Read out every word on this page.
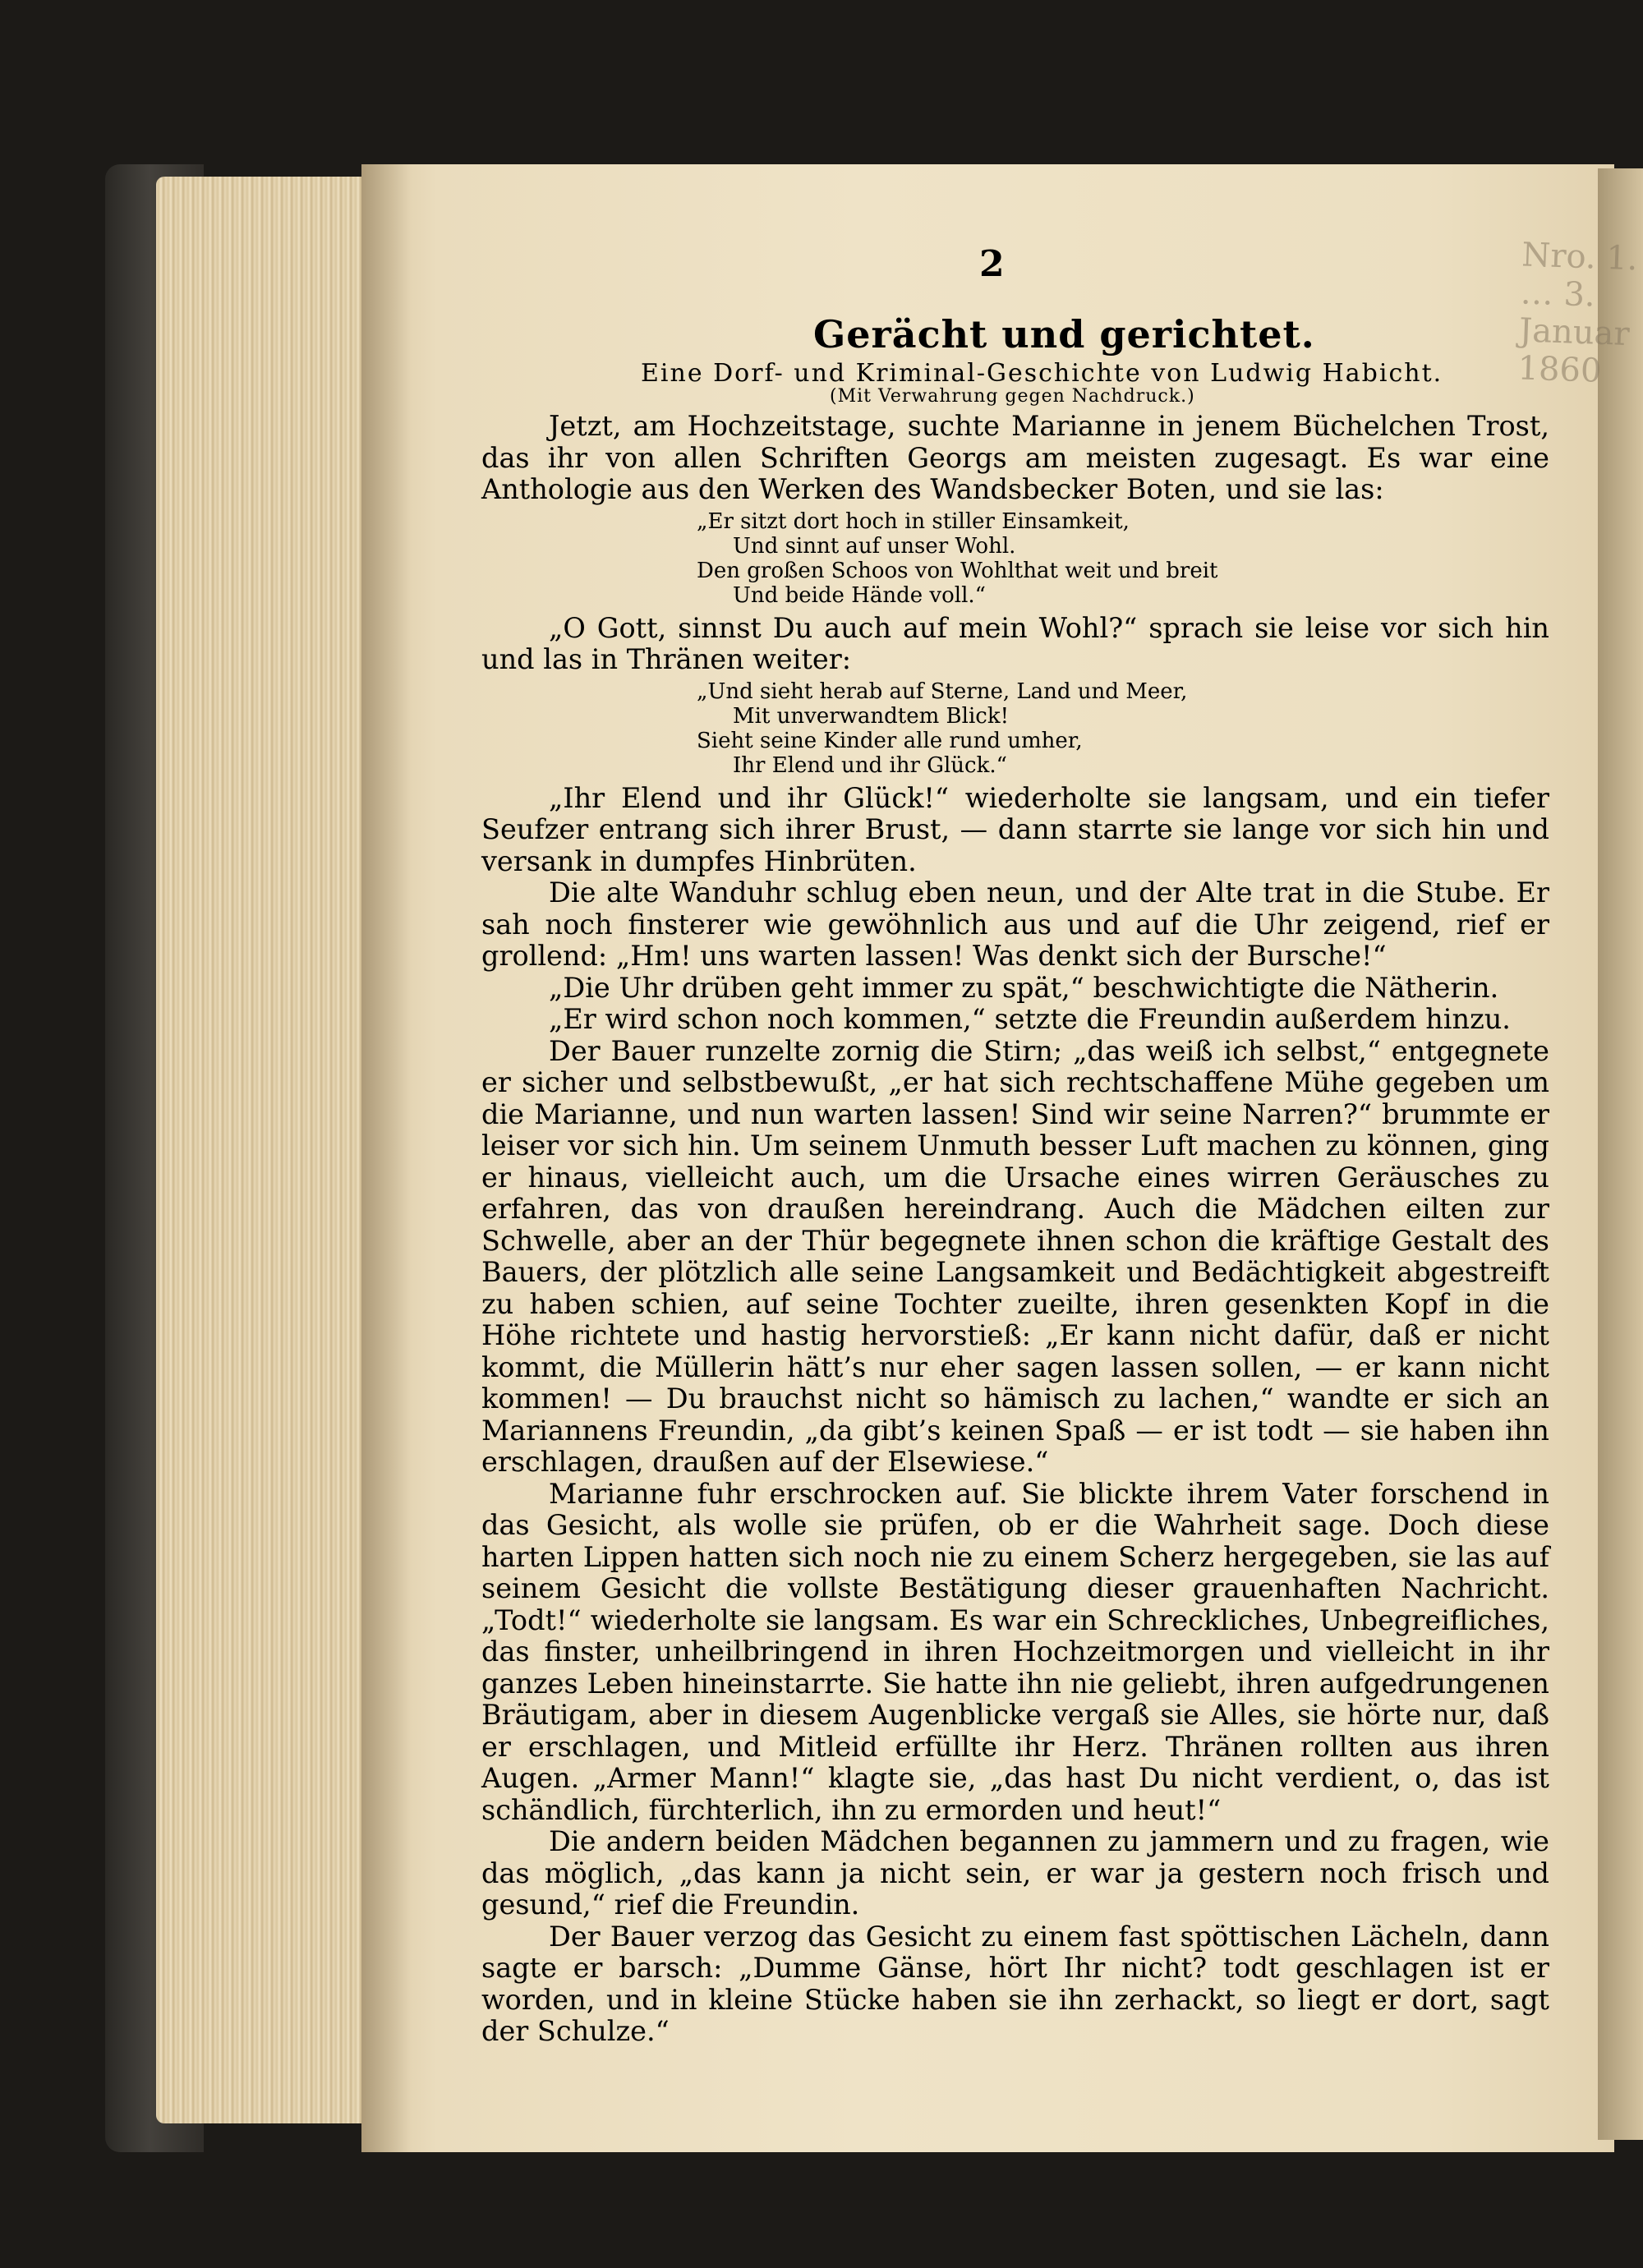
Nro. 1. … 3. Januar 1860
2
Gerächt und gerichtet.
Eine Dorf- und Kriminal-Geschichte von Ludwig Habicht.
(Mit Verwahrung gegen Nachdruck.)

Jetzt, am Hochzeitstage, suchte Marianne in jenem Büchelchen Trost, das ihr von allen Schriften Georgs am meisten zugesagt. Es war eine Anthologie aus den Werken des Wandsbecker Boten, und sie las:

„Er sitzt dort hoch in stiller Einsamkeit,
Und sinnt auf unser Wohl.
Den großen Schoos von Wohlthat weit und breit
Und beide Hände voll.“

„O Gott, sinnst Du auch auf mein Wohl?“ sprach sie leise vor sich hin und las in Thränen weiter:

„Und sieht herab auf Sterne, Land und Meer,
Mit unverwandtem Blick!
Sieht seine Kinder alle rund umher,
Ihr Elend und ihr Glück.“

„Ihr Elend und ihr Glück!“ wiederholte sie langsam, und ein tiefer Seufzer entrang sich ihrer Brust, — dann starrte sie lange vor sich hin und versank in dumpfes Hinbrüten.

Die alte Wanduhr schlug eben neun, und der Alte trat in die Stube. Er sah noch finsterer wie gewöhnlich aus und auf die Uhr zeigend, rief er grollend: „Hm! uns warten lassen! Was denkt sich der Bursche!“

„Die Uhr drüben geht immer zu spät,“ beschwichtigte die Nätherin.

„Er wird schon noch kommen,“ setzte die Freundin außerdem hinzu.

Der Bauer runzelte zornig die Stirn; „das weiß ich selbst,“ entgegnete er sicher und selbstbewußt, „er hat sich rechtschaffene Mühe gegeben um die Marianne, und nun warten lassen! Sind wir seine Narren?“ brummte er leiser vor sich hin. Um seinem Unmuth besser Luft machen zu können, ging er hinaus, vielleicht auch, um die Ursache eines wirren Geräusches zu erfahren, das von draußen hereindrang. Auch die Mädchen eilten zur Schwelle, aber an der Thür begegnete ihnen schon die kräftige Gestalt des Bauers, der plötzlich alle seine Langsamkeit und Bedächtigkeit abgestreift zu haben schien, auf seine Tochter zueilte, ihren gesenkten Kopf in die Höhe richtete und hastig hervorstieß: „Er kann nicht dafür, daß er nicht kommt, die Müllerin hätt’s nur eher sagen lassen sollen, — er kann nicht kommen! — Du brauchst nicht so hämisch zu lachen,“ wandte er sich an Mariannens Freundin, „da gibt’s keinen Spaß — er ist todt — sie haben ihn erschlagen, draußen auf der Elsewiese.“

Marianne fuhr erschrocken auf. Sie blickte ihrem Vater forschend in das Gesicht, als wolle sie prüfen, ob er die Wahrheit sage. Doch diese harten Lippen hatten sich noch nie zu einem Scherz hergegeben, sie las auf seinem Gesicht die vollste Bestätigung dieser grauenhaften Nachricht. „Todt!“ wiederholte sie langsam. Es war ein Schreckliches, Unbegreifliches, das finster, unheilbringend in ihren Hochzeitmorgen und vielleicht in ihr ganzes Leben hineinstarrte. Sie hatte ihn nie geliebt, ihren aufgedrungenen Bräutigam, aber in diesem Augenblicke vergaß sie Alles, sie hörte nur, daß er erschlagen, und Mitleid erfüllte ihr Herz. Thränen rollten aus ihren Augen. „Armer Mann!“ klagte sie, „das hast Du nicht verdient, o, das ist schändlich, fürchterlich, ihn zu ermorden und heut!“

Die andern beiden Mädchen begannen zu jammern und zu fragen, wie das möglich, „das kann ja nicht sein, er war ja gestern noch frisch und gesund,“ rief die Freundin.

Der Bauer verzog das Gesicht zu einem fast spöttischen Lächeln, dann sagte er barsch: „Dumme Gänse, hört Ihr nicht? todt geschlagen ist er worden, und in kleine Stücke haben sie ihn zerhackt, so liegt er dort, sagt der Schulze.“
